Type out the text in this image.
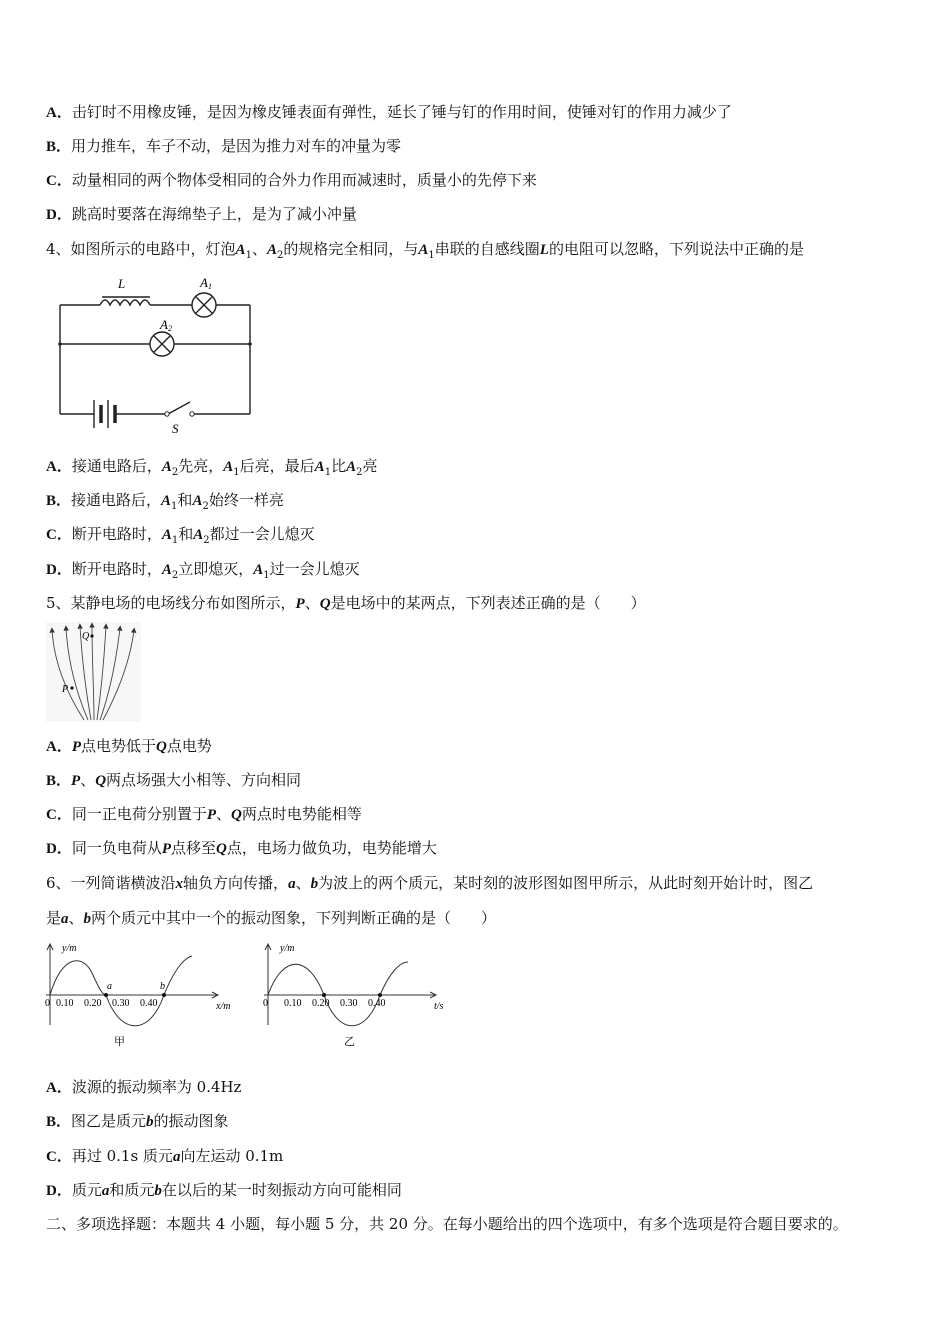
A．击钉时不用橡皮锤，是因为橡皮锤表面有弹性，延长了锤与钉的作用时间，使锤对钉的作用力减少了
B．用力推车，车子不动，是因为推力对车的冲量为零
C．动量相同的两个物体受相同的合外力作用而减速时，质量小的先停下来
D．跳高时要落在海绵垫子上，是为了减小冲量
4、如图所示的电路中，灯泡$A_1$、$A_2$的规格完全相同，与$A_1$串联的自感线圈L的电阻可以忽略，下列说法中正确的是
L	A1
A2
S
A．接通电路后，$A_2$先亮，$A_1$后亮，最后$A_1$比$A_2$亮
B．接通电路后，$A_1$和$A_2$始终一样亮
C．断开电路时，$A_1$和$A_2$都过一会儿熄灭
D．断开电路时，$A_2$立即熄灭，$A_1$过一会儿熄灭
5、某静电场的电场线分布如图所示，P、Q是电场中的某两点，下列表述正确的是（　　）
P
Q
A．P点电势低于Q点电势
B．P、Q两点场强大小相等、方向相同
C．同一正电荷分别置于P、Q两点时电势能相等
D．同一负电荷从P点移至Q点，电场力做负功，电势能增大
6、一列简谐横波沿x轴负方向传播，a、b为波上的两个质元，某时刻的波形图如图甲所示，从此时刻开始计时，图乙
是a、b两个质元中其中一个的振动图象，下列判断正确的是（　　）
y/m
x/m
0 0.10 0.20 0.30 0.40
a	b
甲
y/m
t/s
0 0.10 0.20 0.30 0.40
乙
A．波源的振动频率为 0.4Hz
B．图乙是质元b的振动图象
C．再过 0.1s 质元a向左运动 0.1m
D．质元a和质元b在以后的某一时刻振动方向可能相同
二、多项选择题：本题共 4 小题，每小题 5 分，共 20 分。在每小题给出的四个选项中，有多个选项是符合题目要求的。
